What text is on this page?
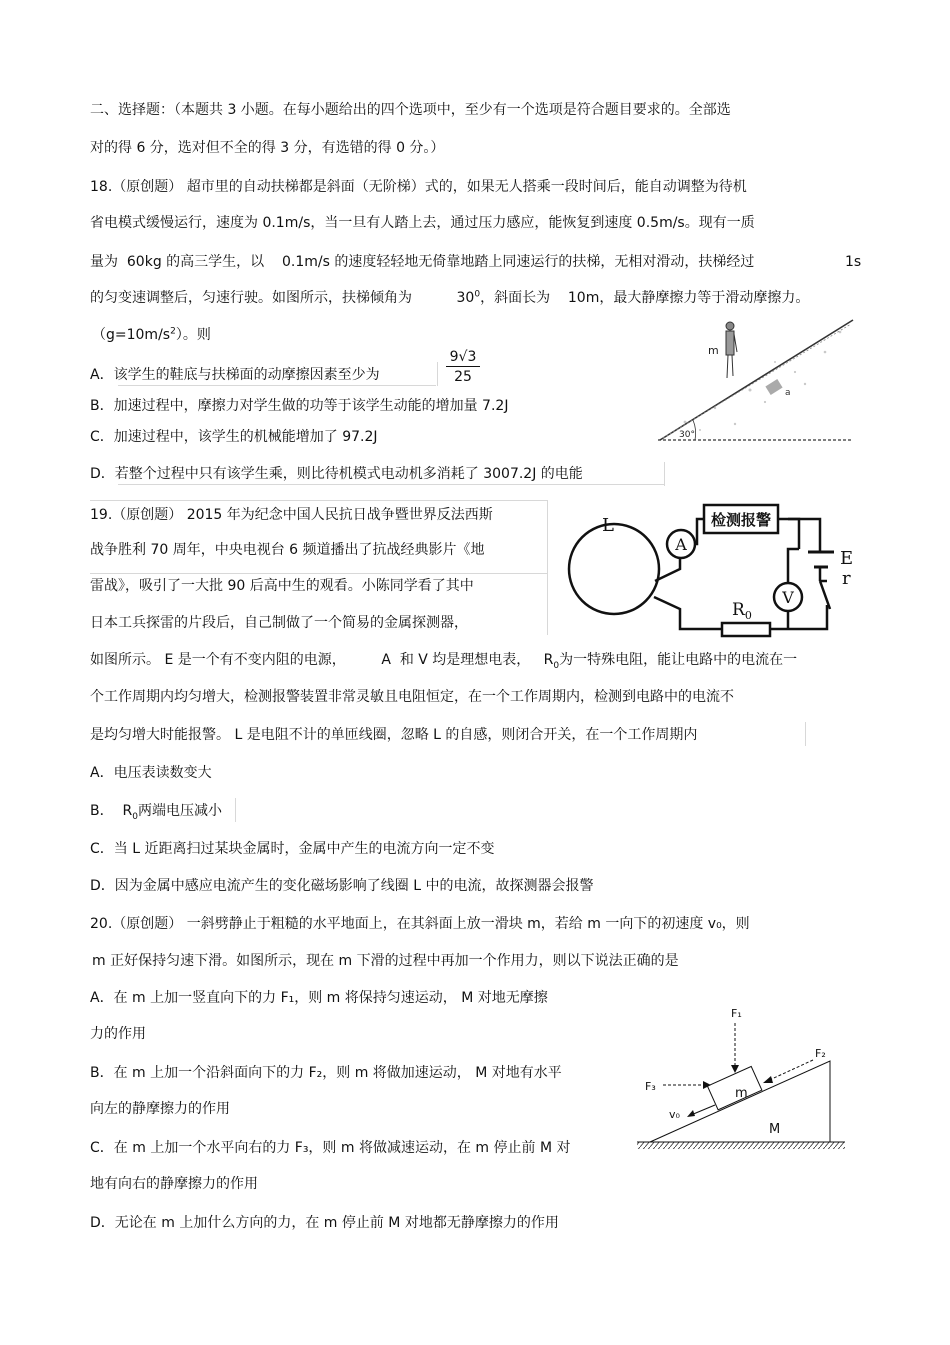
二、选择题：（本题共 3 小题。在每小题给出的四个选项中，至少有一个选项是符合题目要求的。全部选
对的得 6 分，选对但不全的得 3 分，有选错的得 0 分。）
18.（原创题） 超市里的自动扶梯都是斜面（无阶梯）式的，如果无人搭乘一段时间后，能自动调整为待机
省电模式缓慢运行，速度为 0.1m/s，当一旦有人踏上去，通过压力感应，能恢复到速度 0.5m/s。现有一质
量为  60kg 的高三学生，以    0.1m/s 的速度轻轻地无倚靠地踏上同速运行的扶梯，无相对滑动，扶梯经过	1s
的匀变速调整后，匀速行驶。如图所示，扶梯倾角为	$30^0$，斜面长为    10m，最大静摩擦力等于滑动摩擦力。
$(g=10m/s^2)$。则
A．该学生的鞋底与扶梯面的动摩擦因素至少为	$\frac{9√3}{25}$
B．加速过程中，摩擦力对学生做的功等于该学生动能的增加量 7.2J
C．加速过程中，该学生的机械能增加了 97.2J
D．若整个过程中只有该学生乘，则比待机模式电动机多消耗了 3007.2J 的电能
30°
m
a
19.（原创题） 2015 年为纪念中国人民抗日战争暨世界反法西斯
战争胜利 70 周年，中央电视台 6 频道播出了抗战经典影片《地
雷战》，吸引了一大批 90 后高中生的观看。小陈同学看了其中
日本工兵探雷的片段后，自己制做了一个简易的金属探测器，
如图所示。 E 是一个有不变内阻的电源，        A  和 V 均是理想电表， $R_0$为一特殊电阻，能让电路中的电流在一
个工作周期内均匀增大，检测报警装置非常灵敏且电阻恒定，在一个工作周期内，检测到电路中的电流不
是均匀增大时能报警。 L 是电阻不计的单匝线圈，忽略 L 的自感，则闭合开关，在一个工作周期内
A．电压表读数变大
B．  $R_0$两端电压减小
C．当 L 近距离扫过某块金属时，金属中产生的电流方向一定不变
D．因为金属中感应电流产生的变化磁场影响了线圈 L 中的电流，故探测器会报警
A
检测报警
V
$R_0$
L
E
r
20.（原创题） 一斜劈静止于粗糙的水平地面上，在其斜面上放一滑块 m，若给 m 一向下的初速度 v₀，则
m 正好保持匀速下滑。如图所示，现在 m 下滑的过程中再加一个作用力，则以下说法正确的是
A．在 m 上加一竖直向下的力 F₁，则 m 将保持匀速运动， M 对地无摩擦
力的作用
B．在 m 上加一个沿斜面向下的力 F₂，则 m 将做加速运动， M 对地有水平
向左的静摩擦力的作用
C．在 m 上加一个水平向右的力 F₃，则 m 将做减速运动，在 m 停止前 M 对
地有向右的静摩擦力的作用
D．无论在 m 上加什么方向的力，在 m 停止前 M 对地都无静摩擦力的作用
m
M
F₁
F₂
F₃
v₀
